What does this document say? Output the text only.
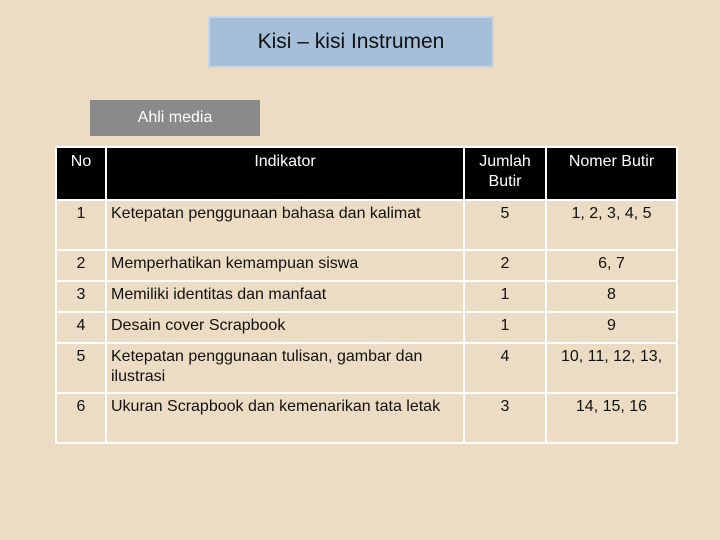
Kisi – kisi Instrumen
Ahli media
No	Indikator	Jumlah Butir	Nomer Butir
1	Ketepatan penggunaan bahasa dan kalimat	5	1, 2, 3, 4, 5
2	Memperhatikan kemampuan siswa	2	6, 7
3	Memiliki identitas dan manfaat	1	8
4	Desain cover Scrapbook	1	9
5	Ketepatan penggunaan tulisan, gambar dan ilustrasi	4	10, 11, 12, 13,
6	Ukuran Scrapbook dan kemenarikan tata letak	3	14, 15, 16
